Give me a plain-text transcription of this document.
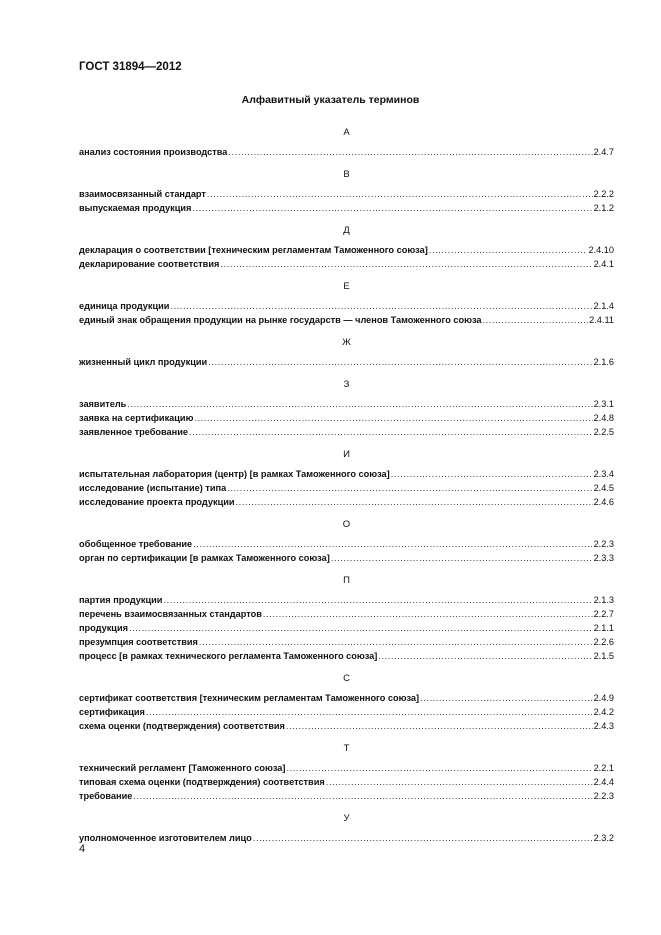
ГОСТ 31894—2012
Алфавитный указатель терминов
А
анализ состояния производства .....	2.4.7
В
взаимосвязанный стандарт .....	2.2.2
выпускаемая продукция .....	2.1.2
Д
декларация о соответствии [техническим регламентам Таможенного союза] .....	2.4.10
декларирование соответствия .....	2.4.1
Е
единица продукции .....	2.1.4
единый знак обращения продукции на рынке государств — членов Таможенного союза .....	2.4.11
Ж
жизненный цикл продукции .....	2.1.6
З
заявитель .....	2.3.1
заявка на сертификацию .....	2.4.8
заявленное требование .....	2.2.5
И
испытательная лаборатория (центр) [в рамках Таможенного союза] .....	2.3.4
исследование (испытание) типа .....	2.4.5
исследование проекта продукции .....	2.4.6
О
обобщенное требование .....	2.2.3
орган по сертификации [в рамках Таможенного союза] .....	2.3.3
П
партия продукции .....	2.1.3
перечень взаимосвязанных стандартов .....	2.2.7
продукция .....	2.1.1
презумпция соответствия .....	2.2.6
процесс [в рамках технического регламента Таможенного союза] .....	2.1.5
С
сертификат соответствия [техническим регламентам Таможенного союза] .....	2.4.9
сертификация .....	2.4.2
схема оценки (подтверждения) соответствия .....	2.4.3
Т
технический регламент [Таможенного союза] .....	2.2.1
типовая схема оценки (подтверждения) соответствия .....	2.4.4
требование .....	2.2.3
У
уполномоченное изготовителем лицо .....	2.3.2
4
